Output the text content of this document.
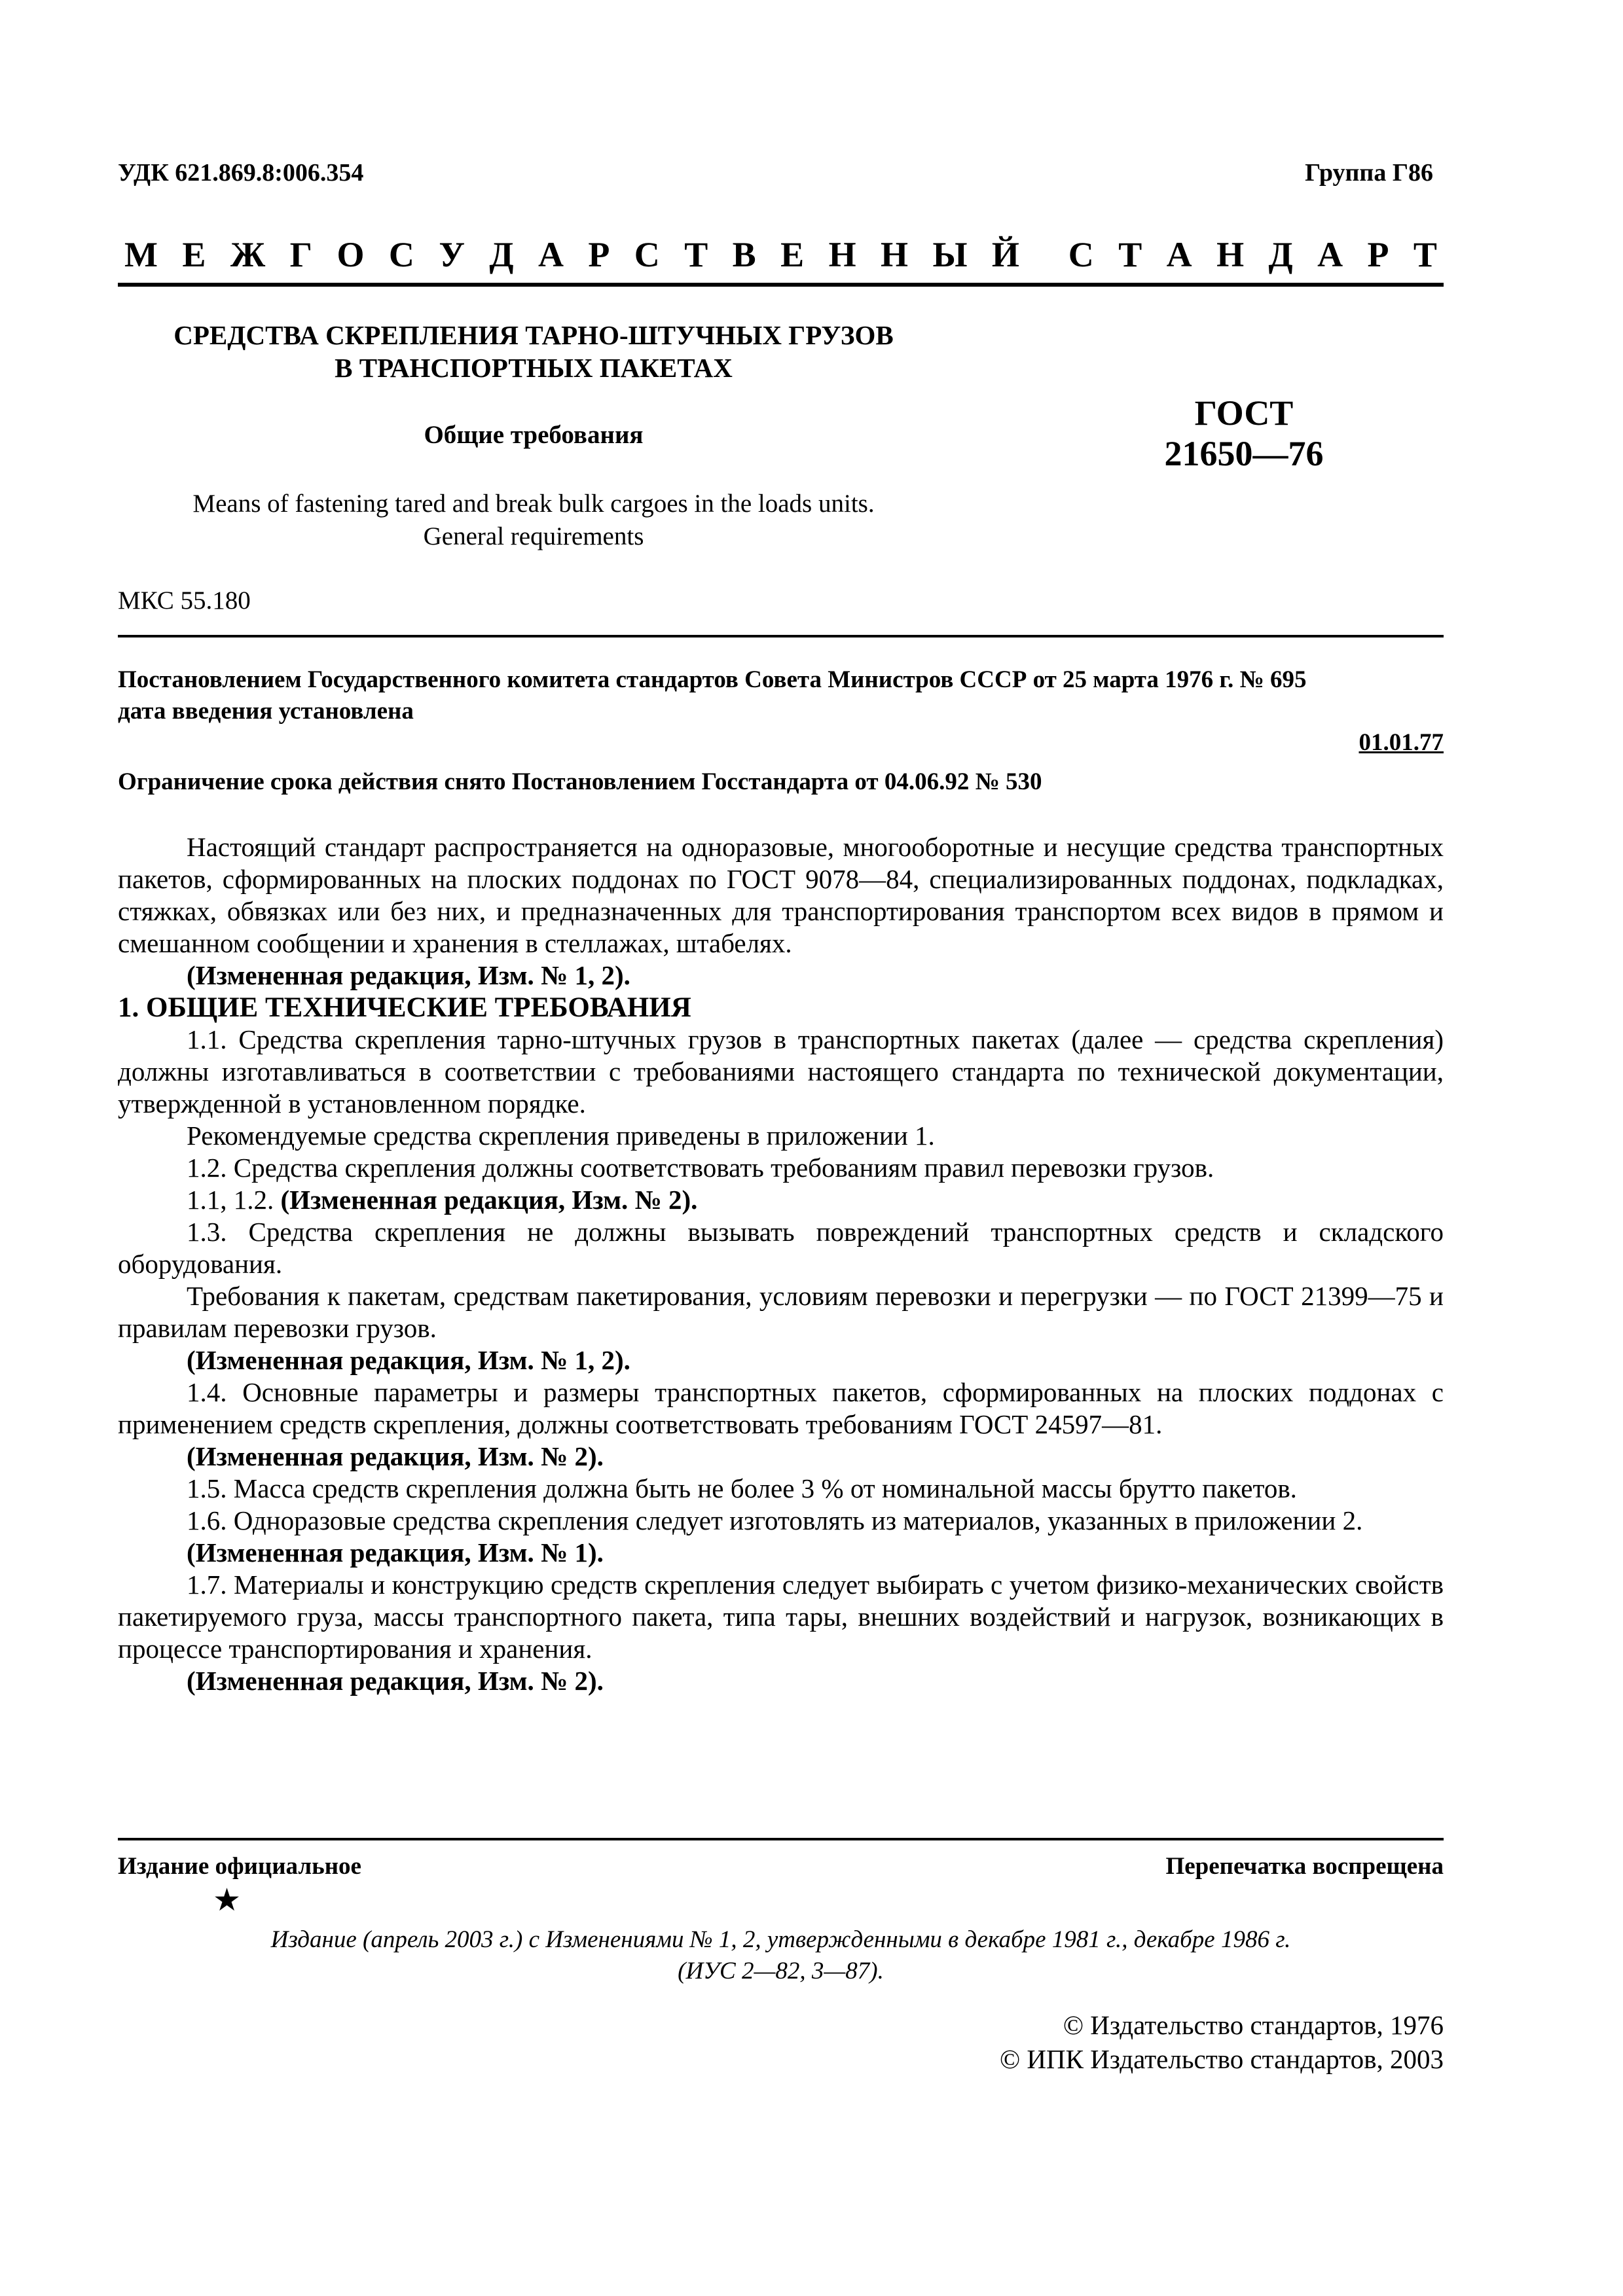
УДК 621.869.8:006.354	Группа Г86
М Е Ж Г О С У Д А Р С Т В Е Н Н Ы Й С Т А Н Д А Р Т
СРЕДСТВА СКРЕПЛЕНИЯ ТАРНО-ШТУЧНЫХ ГРУЗОВ
В ТРАНСПОРТНЫХ ПАКЕТАХ
Общие требования
ГОСТ
21650—76
Means of fastening tared and break bulk cargoes in the loads units.
General requirements
МКС 55.180
Постановлением Государственного комитета стандартов Совета Министров СССР от 25 марта 1976 г. № 695
дата введения установлена
01.01.77
Ограничение срока действия снято Постановлением Госстандарта от 04.06.92 № 530

Настоящий стандарт распространяется на одноразовые, многооборотные и несущие средства транспортных пакетов, сформированных на плоских поддонах по ГОСТ 9078—84, специализированных поддонах, подкладках, стяжках, обвязках или без них, и предназначенных для транспортирования транспортом всех видов в прямом и смешанном сообщении и хранения в стеллажах, штабелях.

(Измененная редакция, Изм. № 1, 2).

1. ОБЩИЕ ТЕХНИЧЕСКИЕ ТРЕБОВАНИЯ

1.1. Средства скрепления тарно-штучных грузов в транспортных пакетах (далее — средства скрепления) должны изготавливаться в соответствии с требованиями настоящего стандарта по технической документации, утвержденной в установленном порядке.

Рекомендуемые средства скрепления приведены в приложении 1.

1.2. Средства скрепления должны соответствовать требованиям правил перевозки грузов.

1.1, 1.2. (Измененная редакция, Изм. № 2).

1.3. Средства скрепления не должны вызывать повреждений транспортных средств и складского оборудования.

Требования к пакетам, средствам пакетирования, условиям перевозки и перегрузки — по ГОСТ 21399—75 и правилам перевозки грузов.

(Измененная редакция, Изм. № 1, 2).

1.4. Основные параметры и размеры транспортных пакетов, сформированных на плоских поддонах с применением средств скрепления, должны соответствовать требованиям ГОСТ 24597—81.

(Измененная редакция, Изм. № 2).

1.5. Масса средств скрепления должна быть не более 3 % от номинальной массы брутто пакетов.

1.6. Одноразовые средства скрепления следует изготовлять из материалов, указанных в приложении 2.

(Измененная редакция, Изм. № 1).

1.7. Материалы и конструкцию средств скрепления следует выбирать с учетом физико-механических свойств пакетируемого груза, массы транспортного пакета, типа тары, внешних воздействий и нагрузок, возникающих в процессе транспортирования и хранения.

(Измененная редакция, Изм. № 2).

Издание официальное	Перепечатка воспрещена
★
Издание (апрель 2003 г.) с Изменениями № 1, 2, утвержденными в декабре 1981 г., декабре 1986 г.
(ИУС 2—82, 3—87).
© Издательство стандартов, 1976
© ИПК Издательство стандартов, 2003
